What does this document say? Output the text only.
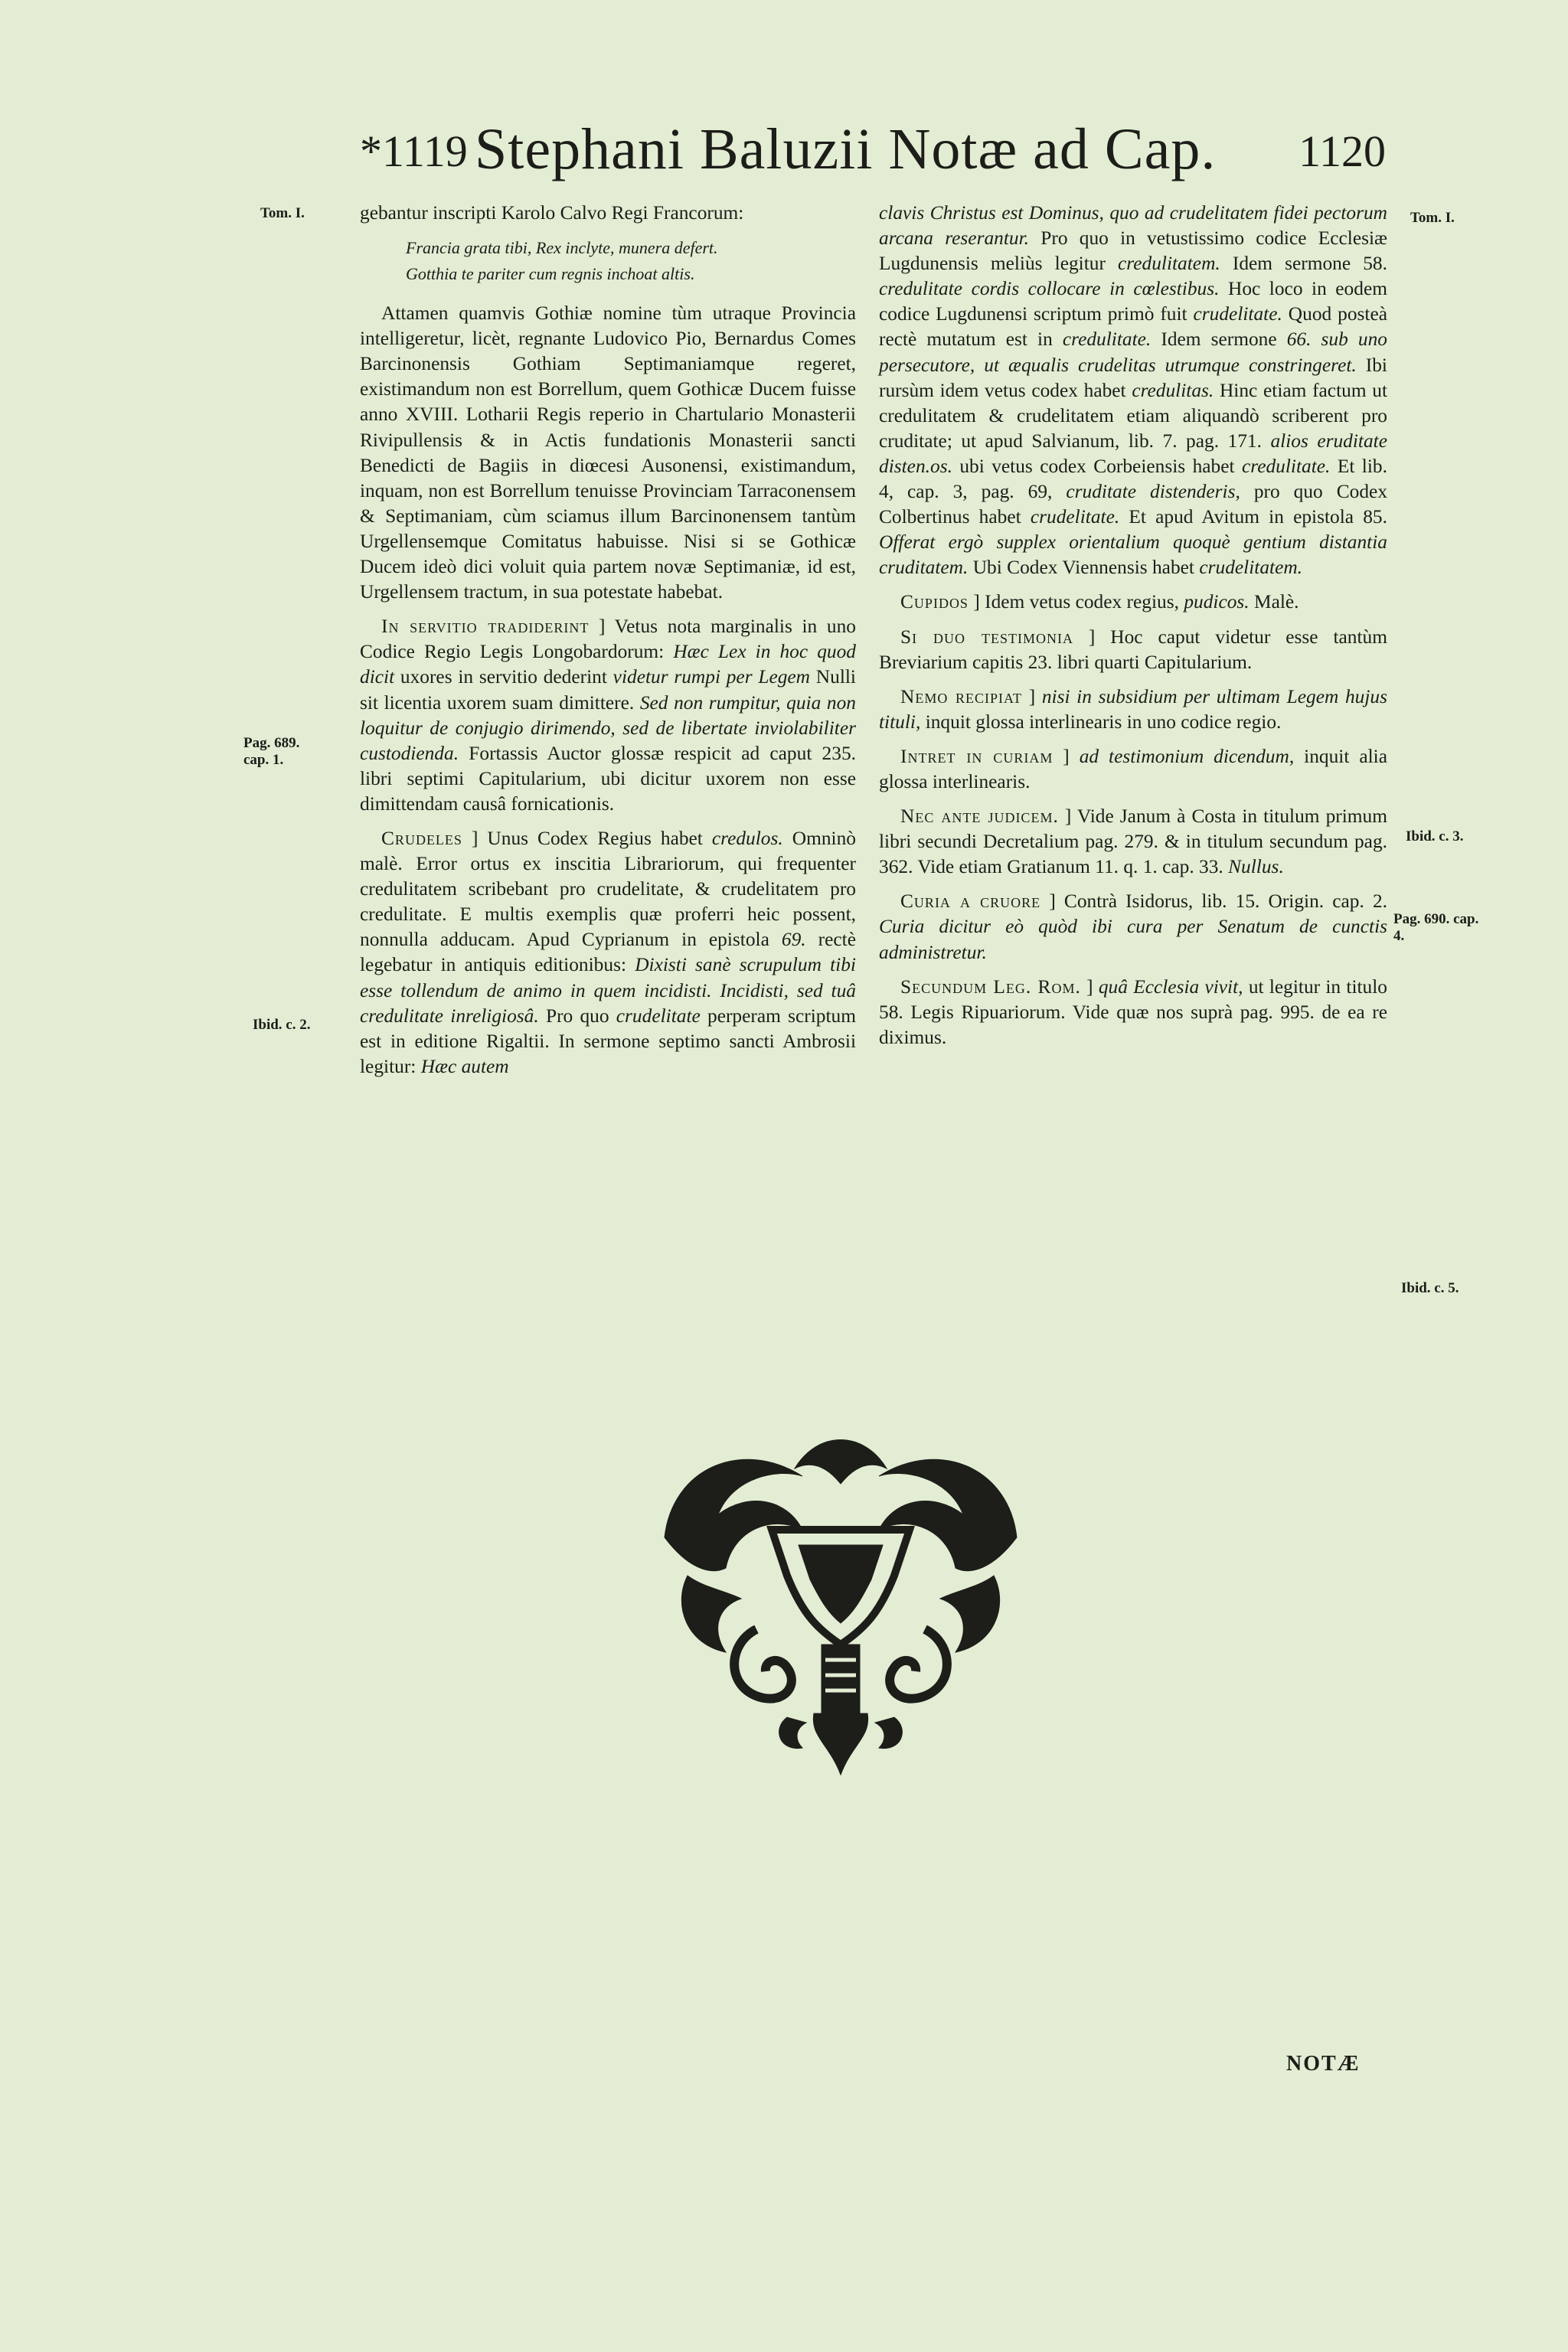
*1119 Stephani Baluzii Notæ ad Cap. 1120
Tom. I.
Pag. 689. cap. 1.
Ibid. c. 2.
Tom. I.
Ibid. c. 3.
Pag. 690. cap. 4.
Ibid. c. 5.

gebantur inscripti Karolo Calvo Regi Francorum:

Francia grata tibi, Rex inclyte, munera defert.
Gotthia te pariter cum regnis inchoat altis.

Attamen quamvis Gothiæ nomine tùm utraque Provincia intelligeretur, licèt, regnante Ludovico Pio, Bernardus Comes Barcinonensis Gothiam Septimaniamque regeret, existimandum non est Borrellum, quem Gothicæ Ducem fuisse anno XVIII. Lotharii Regis reperio in Chartulario Monasterii Rivipullensis & in Actis fundationis Monasterii sancti Benedicti de Bagiis in diœcesi Ausonensi, existimandum, inquam, non est Borrellum tenuisse Provinciam Tarraconensem & Septimaniam, cùm sciamus illum Barcinonensem tantùm Urgellensemque Comitatus habuisse. Nisi si se Gothicæ Ducem ideò dici voluit quia partem novæ Septimaniæ, id est, Urgellensem tractum, in sua potestate habebat.

In servitio tradiderint ] Vetus nota marginalis in uno Codice Regio Legis Longobardorum: Hæc Lex in hoc quod dicit uxores in servitio dederint videtur rumpi per Legem Nulli sit licentia uxorem suam dimittere. Sed non rumpitur, quia non loquitur de conjugio dirimendo, sed de libertate inviolabiliter custodienda. Fortassis Auctor glossæ respicit ad caput 235. libri septimi Capitularium, ubi dicitur uxorem non esse dimittendam causâ fornicationis.

Crudeles ] Unus Codex Regius habet credulos. Omninò malè. Error ortus ex inscitia Librariorum, qui frequenter credulitatem scribebant pro crudelitate, & crudelitatem pro credulitate. E multis exemplis quæ proferri heic possent, nonnulla adducam. Apud Cyprianum in epistola 69. rectè legebatur in antiquis editionibus: Dixisti sanè scrupulum tibi esse tollendum de animo in quem incidisti. Incidisti, sed tuâ credulitate inreligiosâ. Pro quo crudelitate perperam scriptum est in editione Rigaltii. In sermone septimo sancti Ambrosii legitur: Hæc autem

clavis Christus est Dominus, quo ad crudelitatem fidei pectorum arcana reserantur. Pro quo in vetustissimo codice Ecclesiæ Lugdunensis meliùs legitur credulitatem. Idem sermone 58. credulitate cordis collocare in cœlestibus. Hoc loco in eodem codice Lugdunensi scriptum primò fuit crudelitate. Quod posteà rectè mutatum est in credulitate. Idem sermone 66. sub uno persecutore, ut æqualis crudelitas utrumque constringeret. Ibi rursùm idem vetus codex habet credulitas. Hinc etiam factum ut credulitatem & crudelitatem etiam aliquandò scriberent pro cruditate; ut apud Salvianum, lib. 7. pag. 171. alios eruditate disten.os. ubi vetus codex Corbeiensis habet credulitate. Et lib. 4, cap. 3, pag. 69, cruditate distenderis, pro quo Codex Colbertinus habet crudelitate. Et apud Avitum in epistola 85. Offerat ergò supplex orientalium quoquè gentium distantia cruditatem. Ubi Codex Viennensis habet crudelitatem.

Cupidos ] Idem vetus codex regius, pudicos. Malè.

Si duo testimonia ] Hoc caput videtur esse tantùm Breviarium capitis 23. libri quarti Capitularium.

Nemo recipiat ] nisi in subsidium per ultimam Legem hujus tituli, inquit glossa interlinearis in uno codice regio.

Intret in curiam ] ad testimonium dicendum, inquit alia glossa interlinearis.

Nec ante judicem. ] Vide Janum à Costa in titulum primum libri secundi Decretalium pag. 279. & in titulum secundum pag. 362. Vide etiam Gratianum 11. q. 1. cap. 33. Nullus.

Curia a cruore ] Contrà Isidorus, lib. 15. Origin. cap. 2. Curia dicitur eò quòd ibi cura per Senatum de cunctis administretur.

Secundum Leg. Rom. ] quâ Ecclesia vivit, ut legitur in titulo 58. Legis Ripuariorum. Vide quæ nos suprà pag. 995. de ea re diximus.

NOTÆ
